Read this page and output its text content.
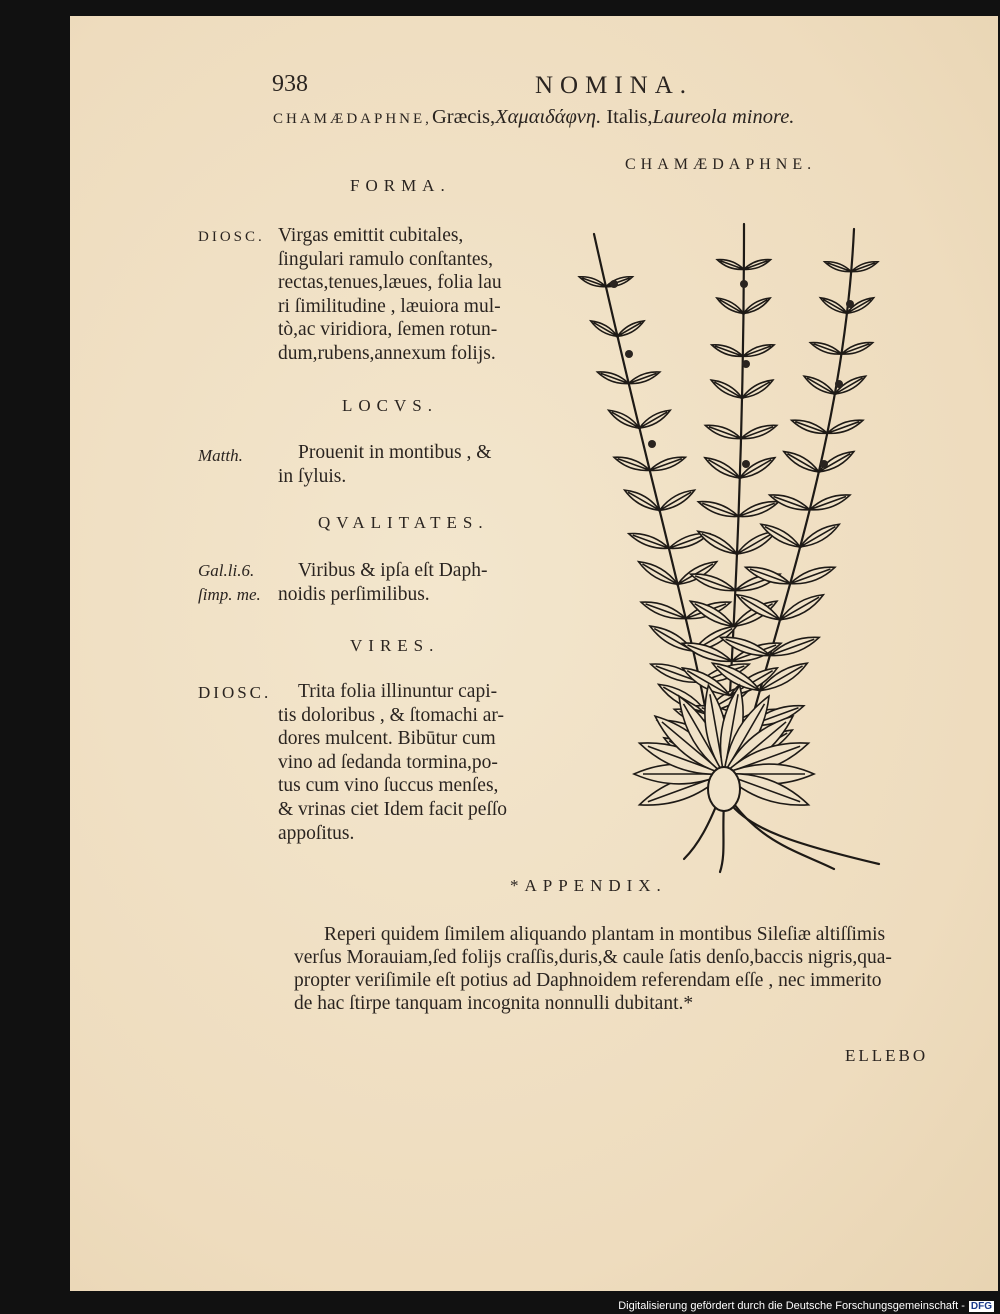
938	NOMINA.
CHAMÆDAPHNE,Græcis,Χαμαιδάφνη. Italis,Laureola minore.
CHAMÆDAPHNE.
FORMA.
DIOSC. Virgas emittit cubitales,
ſingulari ramulo conſtantes,
rectas,tenues,læues, folia lau
ri ſimilitudine , læuiora mul-
tò,ac viridiora, ſemen rotun-
dum,rubens,annexum folijs.
LOCVS.
Matth.	Prouenit in montibus , &
in ſyluis.
QVALITATES.
Gal.li.6.
ſimp. me.
Viribus & ipſa eſt Daph-
noidis perſimilibus.
VIRES.
DIOSC. Trita folia illinuntur capi-
tis doloribus , & ſtomachi ar-
dores mulcent. Bibūtur cum
vino ad ſedanda tormina,po-
tus cum vino ſuccus menſes,
& vrinas ciet Idem facit peſſo
appoſitus.
*APPENDIX.
Reperi quidem ſimilem aliquando plantam in montibus Sileſiæ altiſſimis
verſus Morauiam,ſed folijs craſſis,duris,& caule ſatis denſo,baccis nigris,qua-
propter veriſimile eſt potius ad Daphnoidem referendam eſſe , nec immerito
de hac ſtirpe tanquam incognita nonnulli dubitant.*
ELLEBO
Digitalisierung gefördert durch die Deutsche Forschungsgemeinschaft - DFG
